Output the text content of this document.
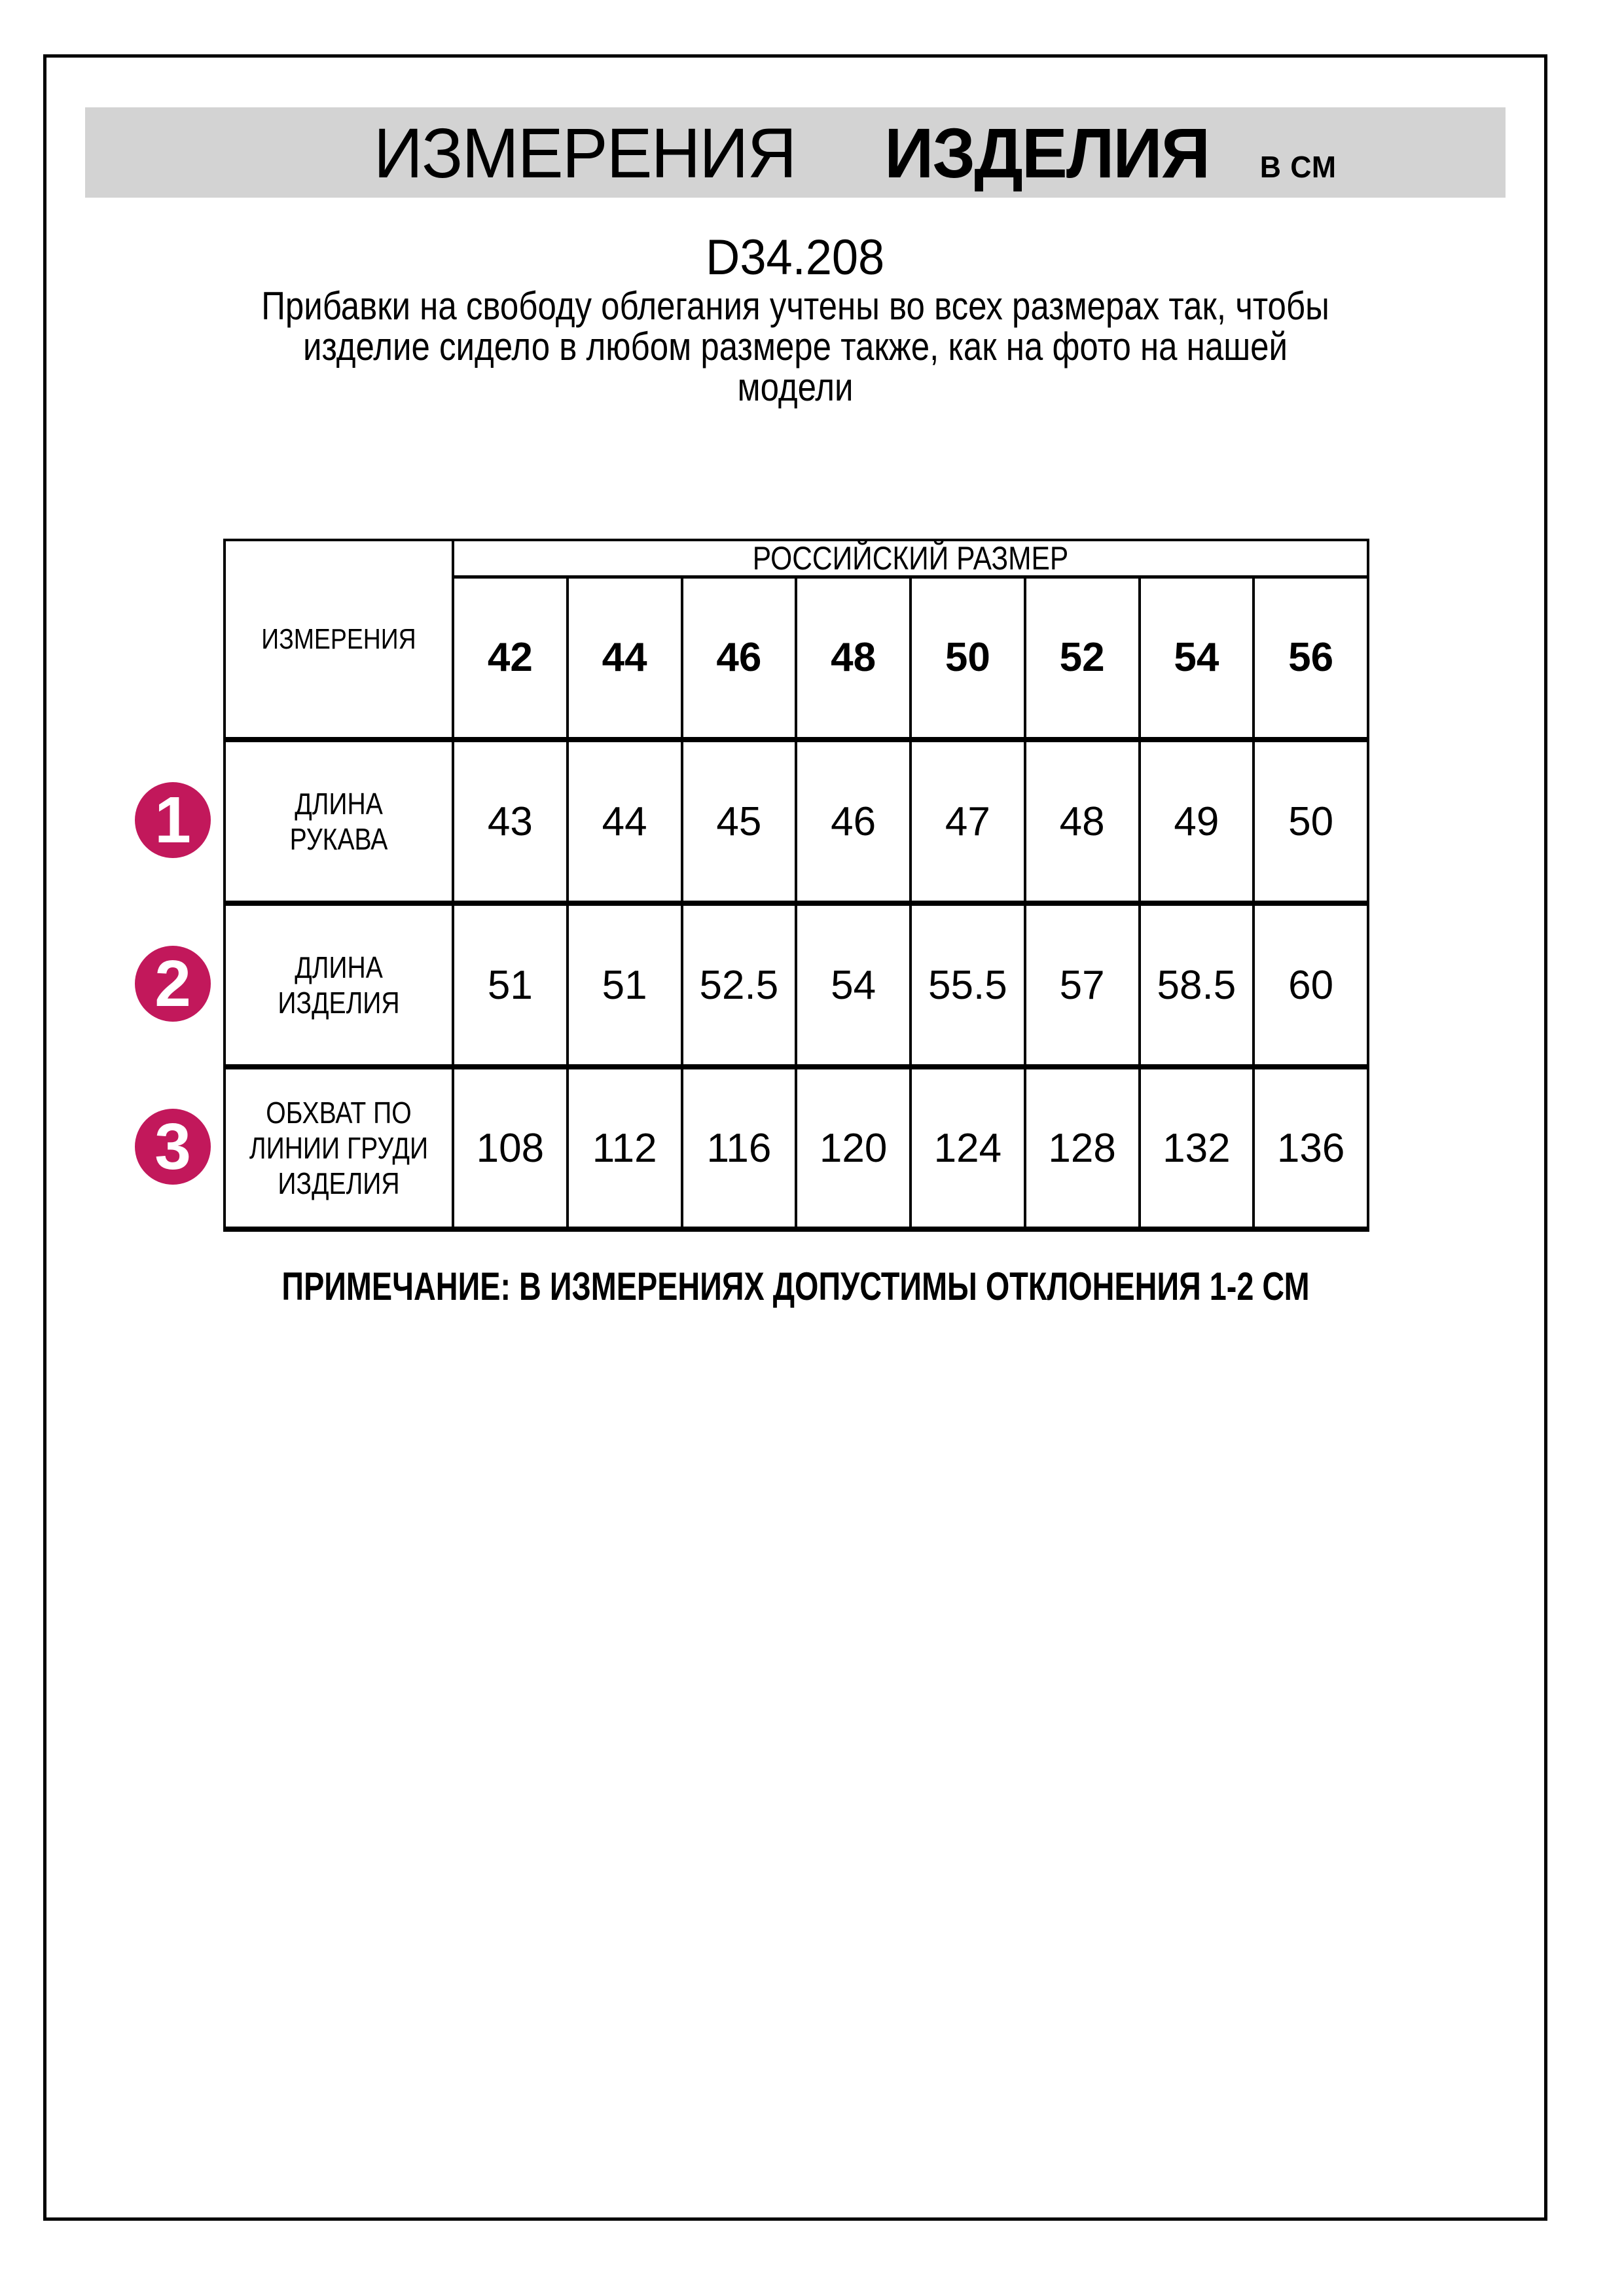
ИЗМЕРЕНИЯ ИЗДЕЛИЯ В СМ
D34.208
Прибавки на свободу облегания учтены во всех размерах так, чтобы
изделие сидело в любом размере также, как на фото на нашей
модели
ИЗМЕРЕНИЯ	РОССИЙСКИЙ РАЗМЕР							

	42	44	46	48	50	52	54	56

ДЛИНА РУКАВА	43	44	45	46	47	48	49	50

ДЛИНА
ИЗДЕЛИЯ	51	51	52.5	54	55.5	57	58.5	60

ОБХВАТ ПО
ЛИНИИ ГРУДИ
ИЗДЕЛИЯ	108	112	116	120	124	128	132	136
1
2
3
ПРИМЕЧАНИЕ: В ИЗМЕРЕНИЯХ ДОПУСТИМЫ ОТКЛОНЕНИЯ 1-2 СМ
